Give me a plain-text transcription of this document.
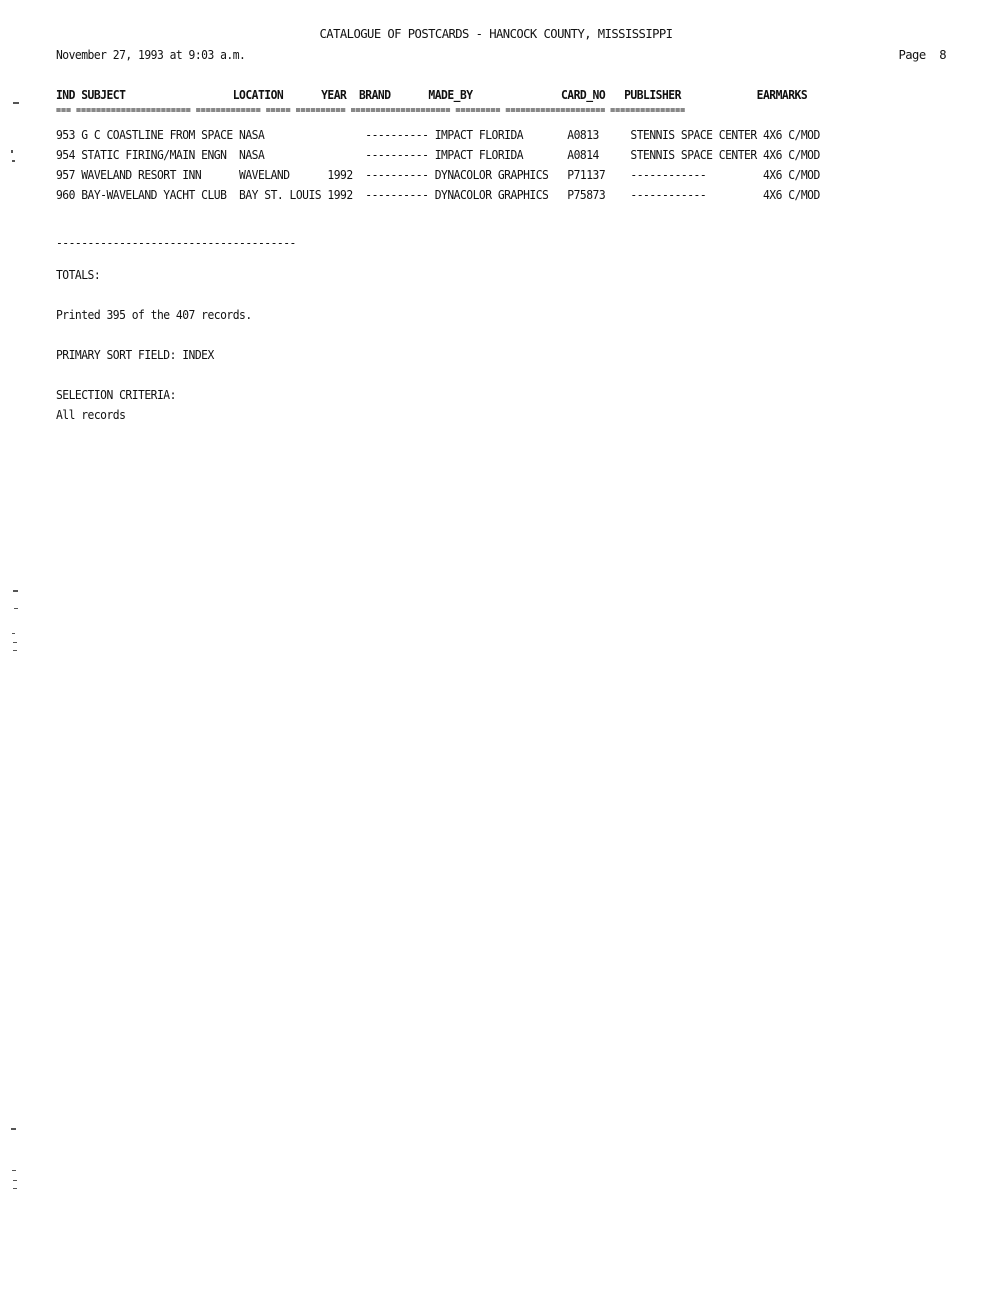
CATALOGUE OF POSTCARDS - HANCOCK COUNTY, MISSISSIPPI
November 27, 1993 at 9:03 a.m.	Page  8
IND SUBJECT                 LOCATION      YEAR  BRAND      MADE_BY              CARD_NO   PUBLISHER            EARMARKS
=== ======================= ============= ===== ========== ==================== ========= ==================== ===============
953 G C COASTLINE FROM SPACE NASA                ---------- IMPACT FLORIDA       A0813     STENNIS SPACE CENTER 4X6 C/MOD
954 STATIC FIRING/MAIN ENGN  NASA                ---------- IMPACT FLORIDA       A0814     STENNIS SPACE CENTER 4X6 C/MOD
957 WAVELAND RESORT INN      WAVELAND      1992  ---------- DYNACOLOR GRAPHICS   P71137    ------------         4X6 C/MOD
960 BAY-WAVELAND YACHT CLUB  BAY ST. LOUIS 1992  ---------- DYNACOLOR GRAPHICS   P75873    ------------         4X6 C/MOD
--------------------------------------
TOTALS:
Printed 395 of the 407 records.
PRIMARY SORT FIELD: INDEX
SELECTION CRITERIA:
All records
